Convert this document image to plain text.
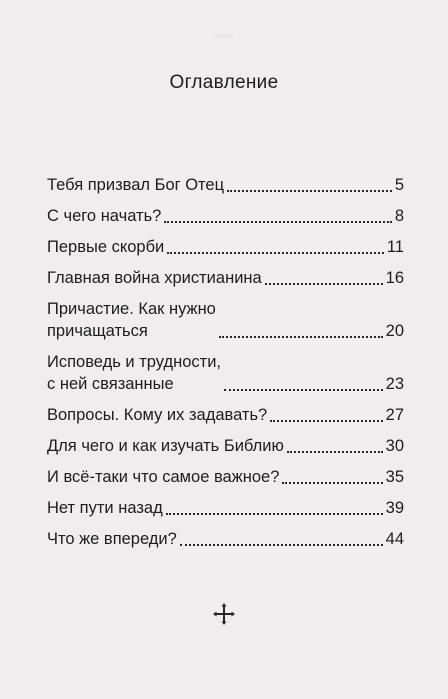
~~~
Оглавление
Тебя призвал Бог Отец	5
С чего начать?	8
Первые скорби	11
Главная война христианина	16
Причастие. Как нужно
причащаться	20
Исповедь и трудности,
с ней связанные	23
Вопросы. Кому их задавать?	27
Для чего и как изучать Библию	30
И всё-таки что самое важное?	35
Нет пути назад	39
Что же впереди?	44
